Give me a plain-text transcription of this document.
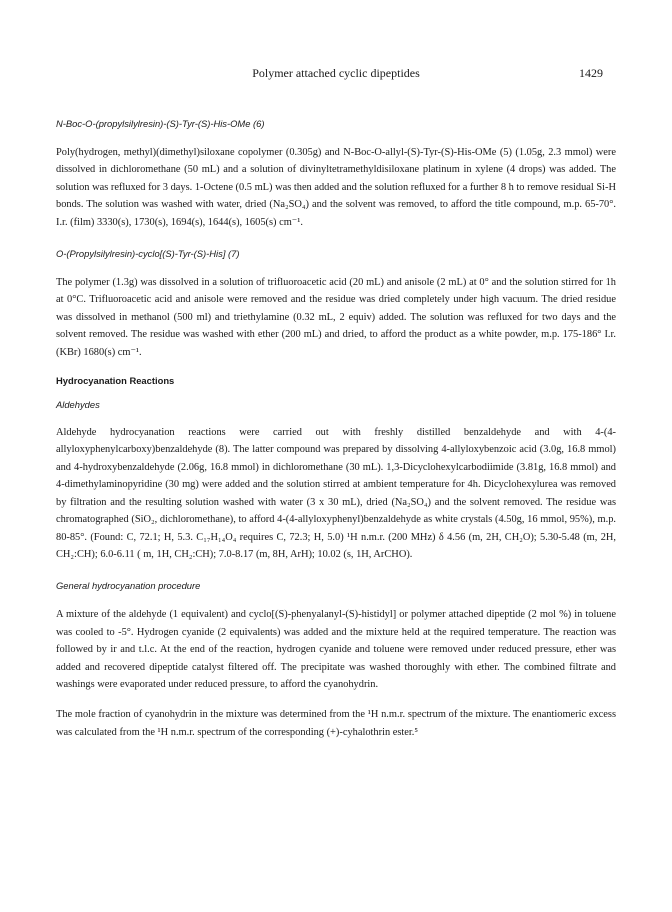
Polymer attached cyclic dipeptides	1429

N-Boc-O-(propylsilylresin)-(S)-Tyr-(S)-His-OMe (6)

Poly(hydrogen, methyl)(dimethyl)siloxane copolymer (0.305g) and N-Boc-O-allyl-(S)-Tyr-(S)-His-OMe (5) (1.05g, 2.3 mmol) were dissolved in dichloromethane (50 mL) and a solution of divinyltetramethyldisiloxane platinum in xylene (4 drops) was added. The solution was refluxed for 3 days. 1-Octene (0.5 mL) was then added and the solution refluxed for a further 8 h to remove residual Si-H bonds. The solution was washed with water, dried (Na₂SO₄) and the solvent was removed, to afford the title compound, m.p. 65-70°. I.r. (film) 3330(s), 1730(s), 1694(s), 1644(s), 1605(s) cm⁻¹.

O-(Propylsilylresin)-cyclo[(S)-Tyr-(S)-His] (7)

The polymer (1.3g) was dissolved in a solution of trifluoroacetic acid (20 mL) and anisole (2 mL) at 0° and the solution stirred for 1h at 0°C. Trifluoroacetic acid and anisole were removed and the residue was dried completely under high vacuum. The dried residue was dissolved in methanol (500 ml) and triethylamine (0.32 mL, 2 equiv) added. The solution was refluxed for two days and the solvent removed. The residue was washed with ether (200 mL) and dried, to afford the product as a white powder, m.p. 175-186° I.r. (KBr) 1680(s) cm⁻¹.

Hydrocyanation Reactions

Aldehydes

Aldehyde hydrocyanation reactions were carried out with freshly distilled benzaldehyde and with 4-(4-allyloxyphenylcarboxy)benzaldehyde (8). The latter compound was prepared by dissolving 4-allyloxybenzoic acid (3.0g, 16.8 mmol) and 4-hydroxybenzaldehyde (2.06g, 16.8 mmol) in dichloromethane (30 mL). 1,3-Dicyclohexylcarbodiimide (3.81g, 16.8 mmol) and 4-dimethylaminopyridine (30 mg) were added and the solution stirred at ambient temperature for 4h. Dicyclohexylurea was removed by filtration and the resulting solution washed with water (3 x 30 mL), dried (Na₂SO₄) and the solvent removed. The residue was chromatographed (SiO₂, dichloromethane), to afford 4-(4-allyloxyphenyl)benzaldehyde as white crystals (4.50g, 16 mmol, 95%), m.p. 80-85°. (Found: C, 72.1; H, 5.3. C₁₇H₁₄O₄ requires C, 72.3; H, 5.0) ¹H n.m.r. (200 MHz) δ 4.56 (m, 2H, CH₂O); 5.30-5.48 (m, 2H, CH₂:CH); 6.0-6.11 ( m, 1H, CH₂:CH); 7.0-8.17 (m, 8H, ArH); 10.02 (s, 1H, ArCHO).

General hydrocyanation procedure

A mixture of the aldehyde (1 equivalent) and cyclo[(S)-phenyalanyl-(S)-histidyl] or polymer attached dipeptide (2 mol %) in toluene was cooled to -5°. Hydrogen cyanide (2 equivalents) was added and the mixture held at the required temperature. The reaction was followed by ir and t.l.c. At the end of the reaction, hydrogen cyanide and toluene were removed under reduced pressure, ether was added and recovered dipeptide catalyst filtered off. The precipitate was washed thoroughly with ether. The combined filtrate and washings were evaporated under reduced pressure, to afford the cyanohydrin.

The mole fraction of cyanohydrin in the mixture was determined from the ¹H n.m.r. spectrum of the mixture. The enantiomeric excess was calculated from the ¹H n.m.r. spectrum of the corresponding (+)-cyhalothrin ester.⁵
